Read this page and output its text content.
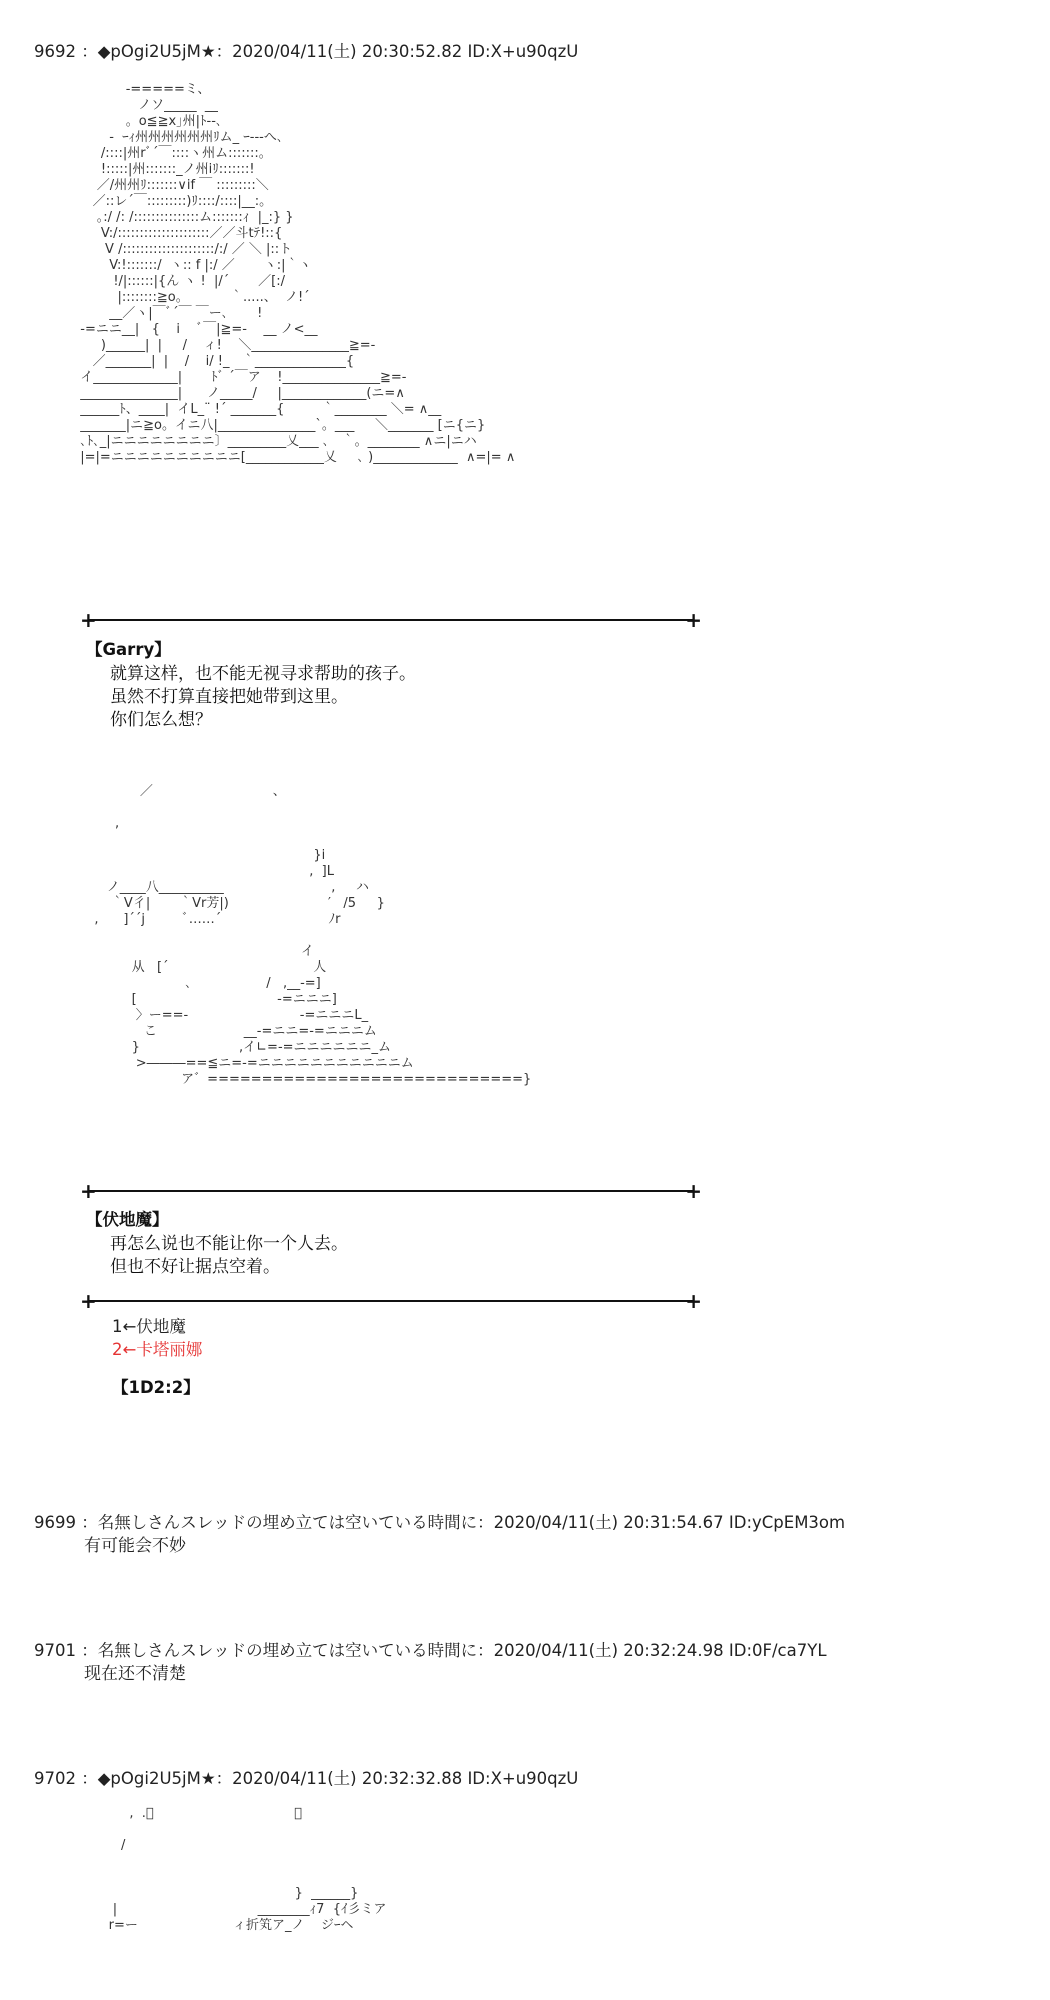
9692 ：◆pOgi2U5jM★：2020/04/11(土) 20:30:52.82 ID:X+u90qzU
-=====ミ、
ノソ_____  __
。o≦≧x｣州|ﾄ--､
-  ｰｨ州州州州州州ﾘム_ ｰ---へ､
/::::|州rﾞ´￣::::ヽ州ム:::::::｡
!:::::|州:::::::_ノ州iﾘ:::::::!
／/州州ﾘ:::::::∨if ￣ :::::::::＼
／::レ´￣:::::::::)ﾘ::::/::::|__:｡
｡:/ /: /:::::::::::::::ム:::::::ｨ  |_:} }
V:/:::::::::::::::::::::／／斗tﾃ!::{
V /:::::::::::::::::::::/:/ ／ ＼ |::ト
V:!:::::::/  ヽ:: f |:/ ／       ヽ:|｀ヽ
!/|::::::|{ん ヽ !  |/´       ／[:/
|::::::::≧o。          ｀.....、  ノ!´
__／ヽ|￣ﾞ´￣ ￣ー､       !
-=ニニ__|   {    i    ﾞ￣|≧=-    __ ノ<__
)______|  |     /    ィ!    ＼_______________≧=-
／_______|  |    /    i/ !_   ｀______________{
イ_____________|       ﾄﾞ ´￣ア    !_______________≧=-
_______________|      ノ_____/     |_____________(ニ=∧
______ﾄ、____|  イL_¨ !´ _______{         ｀________ ＼= ∧__
_______|ニ≧o。イニ八|_______________`。___     ＼_______ [ニ{ニ}
､ﾄ､_|ニニニニニニニニ〕_________乂___ ､   ｀。________ ∧ニ|ニハ
|=|=ニニニニニニニニニニ[____________乂     ､ )_____________  ∧=|= ∧
+	+
【Garry】
就算这样，也不能无视寻求帮助的孩子。
虽然不打算直接把她带到这里。
你们怎么想？
／                             、

,

}i
,  ]L
ノ____八__________                          ,     ハ
｀V彳|       ｀Vr芳|)                        ′   /5     }
,      ]´´j         ﾞ……´                          ﾉr

イ
从   [´                                   人
､                  /   ,__-=]
[                                  -=ニニニ]
〉ー==-                           -=ニニニL_
こ                     __-=ニニ=-=ニニニム
}                        ,イ∟=-=ニニニニニニ_ム
>―――==≦ニ=-=ニニニニニニニニニニニム
ア゛=============================}
+	+
【伏地魔】
再怎么说也不能让你一个人去。
但也不好让据点空着。
+	+
1←伏地魔
2←卡塔丽娜
【1D2:2】
9699 ：名無しさんスレッドの埋め立ては空いている時間に：2020/04/11(土) 20:31:54.67 ID:yCpEM3om
有可能会不妙
9701 ：名無しさんスレッドの埋め立ては空いている時間に：2020/04/11(土) 20:32:24.98 ID:0F/ca7YL
现在还不清楚
9702 ：◆pOgi2U5jM★：2020/04/11(土) 20:32:32.88 ID:X+u90qzU
,  .ﾞ                                  ､

/

}  ______}
|                                  ________ｨ7  {ｲ彡ミア
r=ー                       ィ折笂ア_ノ    ジｰヘ
